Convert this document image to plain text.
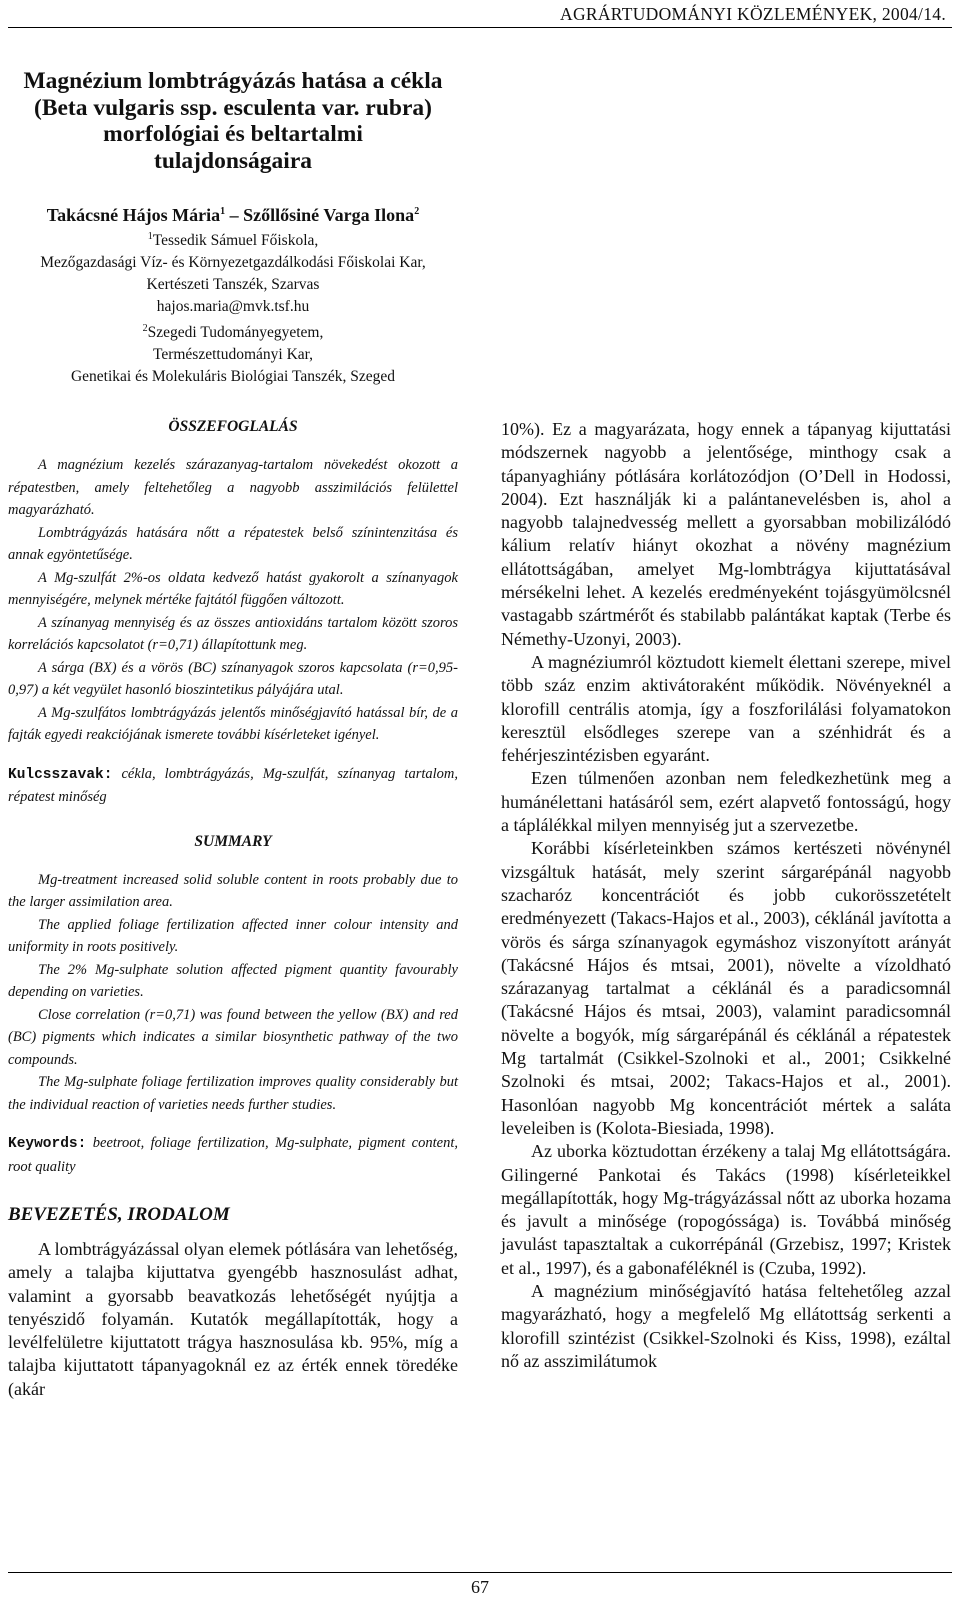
AGRÁRTUDOMÁNYI KÖZLEMÉNYEK, 2004/14.
Magnézium lombtrágyázás hatása a cékla
(Beta vulgaris ssp. esculenta var. rubra)
morfológiai és beltartalmi
tulajdonságaira
Takácsné Hájos Mária$^1$ – Szőllősiné Varga Ilona$^2$
$^1$Tessedik Sámuel Főiskola,
Mezőgazdasági Víz- és Környezetgazdálkodási Főiskolai Kar,
Kertészeti Tanszék, Szarvas
hajos.maria@mvk.tsf.hu
$^2$Szegedi Tudományegyetem,
Természettudományi Kar,
Genetikai és Molekuláris Biológiai Tanszék, Szeged
ÖSSZEFOGLALÁS

A magnézium kezelés szárazanyag-tartalom növekedést okozott a répatestben, amely feltehetőleg a nagyobb asszimilációs felülettel magyarázható.

Lombtrágyázás hatására nőtt a répatestek belső színintenzitása és annak egyöntetűsége.

A Mg-szulfát 2%-os oldata kedvező hatást gyakorolt a színanyagok mennyiségére, melynek mértéke fajtától függően változott.

A színanyag mennyiség és az összes antioxidáns tartalom között szoros korrelációs kapcsolatot (r=0,71) állapítottunk meg.

A sárga (BX) és a vörös (BC) színanyagok szoros kapcsolata (r=0,95-0,97) a két vegyület hasonló bioszintetikus pályájára utal.

A Mg-szulfátos lombtrágyázás jelentős minőségjavító hatással bír, de a fajták egyedi reakciójának ismerete további kísérleteket igényel.

Kulcsszavak: cékla, lombtrágyázás, Mg-szulfát, színanyag tartalom, répatest minőség

SUMMARY

Mg-treatment increased solid soluble content in roots probably due to the larger assimilation area.

The applied foliage fertilization affected inner colour intensity and uniformity in roots positively.

The 2% Mg-sulphate solution affected pigment quantity favourably depending on varieties.

Close correlation (r=0,71) was found between the yellow (BX) and red (BC) pigments which indicates a similar biosynthetic pathway of the two compounds.

The Mg-sulphate foliage fertilization improves quality considerably but the individual reaction of varieties needs further studies.

Keywords: beetroot, foliage fertilization, Mg-sulphate, pigment content, root quality

BEVEZETÉS, IRODALOM

A lombtrágyázással olyan elemek pótlására van lehetőség, amely a talajba kijuttatva gyengébb hasznosulást adhat, valamint a gyorsabb beavatkozás lehetőségét nyújtja a tenyészidő folyamán. Kutatók megállapították, hogy a levélfelületre kijuttatott trágya hasznosulása kb. 95%, míg a talajba kijuttatott tápanyagoknál ez az érték ennek töredéke (akár

10%). Ez a magyarázata, hogy ennek a tápanyag kijuttatási módszernek nagyobb a jelentősége, minthogy csak a tápanyaghiány pótlására korlátozódjon (O’Dell in Hodossi, 2004). Ezt használják ki a palántanevelésben is, ahol a nagyobb talajnedvesség mellett a gyorsabban mobilizálódó kálium relatív hiányt okozhat a növény magnézium ellátottságában, amelyet Mg-lombtrágya kijuttatásával mérsékelni lehet. A kezelés eredményeként tojásgyümölcsnél vastagabb szártmérőt és stabilabb palántákat kaptak (Terbe és Némethy-Uzonyi, 2003).

A magnéziumról köztudott kiemelt élettani szerepe, mivel több száz enzim aktivátoraként működik. Növényeknél a klorofill centrális atomja, így a foszforilálási folyamatokon keresztül elsődleges szerepe van a szénhidrát és a fehérjeszintézisben egyaránt.

Ezen túlmenően azonban nem feledkezhetünk meg a humánélettani hatásáról sem, ezért alapvető fontosságú, hogy a táplálékkal milyen mennyiség jut a szervezetbe.

Korábbi kísérleteinkben számos kertészeti növénynél vizsgáltuk hatását, mely szerint sárgarépánál nagyobb szacharóz koncentrációt és jobb cukorösszetételt eredményezett (Takacs-Hajos et al., 2003), céklánál javította a vörös és sárga színanyagok egymáshoz viszonyított arányát (Takácsné Hájos és mtsai, 2001), növelte a vízoldható szárazanyag tartalmat a céklánál és a paradicsomnál (Takácsné Hájos és mtsai, 2003), valamint paradicsomnál növelte a bogyók, míg sárgarépánál és céklánál a répatestek Mg tartalmát (Csikkel-Szolnoki et al., 2001; Csikkelné Szolnoki és mtsai, 2002; Takacs-Hajos et al., 2001). Hasonlóan nagyobb Mg koncentrációt mértek a saláta leveleiben is (Kolota-Biesiada, 1998).

Az uborka köztudottan érzékeny a talaj Mg ellátottságára. Gilingerné Pankotai és Takács (1998) kísérleteikkel megállapították, hogy Mg-trágyázással nőtt az uborka hozama és javult a minősége (ropogóssága) is. Továbbá minőség javulást tapasztaltak a cukorrépánál (Grzebisz, 1997; Kristek et al., 1997), és a gabonaféléknél is (Czuba, 1992).

A magnézium minőségjavító hatása feltehetőleg azzal magyarázható, hogy a megfelelő Mg ellátottság serkenti a klorofill szintézist (Csikkel-Szolnoki és Kiss, 1998), ezáltal nő az asszimilátumok

67
